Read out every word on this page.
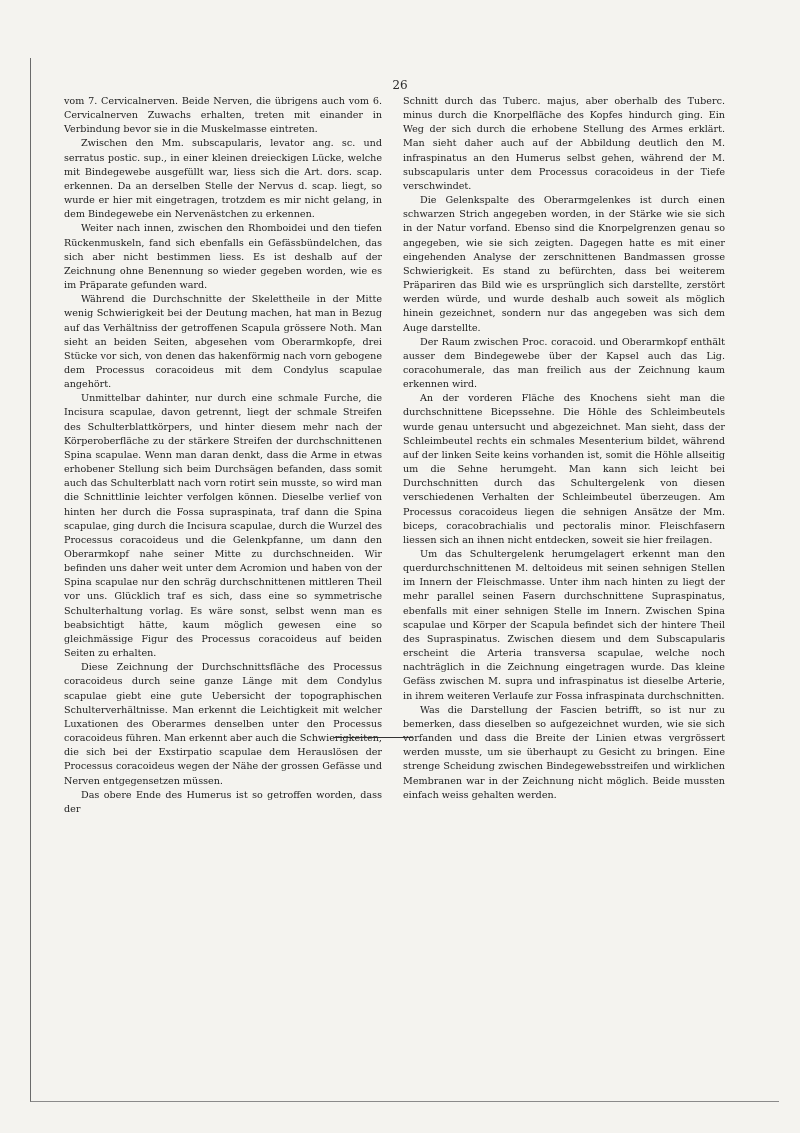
26

vom 7. Cervicalnerven. Beide Nerven, die übrigens auch vom 6. Cervicalnerven Zuwachs erhalten, treten mit einander in Verbindung bevor sie in die Muskelmasse eintreten.

Zwischen den Mm. subscapularis, levator ang. sc. und serratus postic. sup., in einer kleinen dreieckigen Lücke, welche mit Bindegewebe ausgefüllt war, liess sich die Art. dors. scap. erkennen. Da an derselben Stelle der Nervus d. scap. liegt, so wurde er hier mit eingetragen, trotzdem es mir nicht gelang, in dem Bindegewebe ein Nervenästchen zu erkennen.

Weiter nach innen, zwischen den Rhomboidei und den tiefen Rückenmuskeln, fand sich ebenfalls ein Gefässbündelchen, das sich aber nicht bestimmen liess. Es ist deshalb auf der Zeichnung ohne Benennung so wieder gegeben worden, wie es im Präparate gefunden ward.

Während die Durchschnitte der Skelettheile in der Mitte wenig Schwierigkeit bei der Deutung machen, hat man in Bezug auf das Verhältniss der getroffenen Scapula grössere Noth. Man sieht an beiden Seiten, abgesehen vom Oberarmkopfe, drei Stücke vor sich, von denen das hakenförmig nach vorn gebogene dem Processus coracoideus mit dem Condylus scapulae angehört.

Unmittelbar dahinter, nur durch eine schmale Furche, die Incisura scapulae, davon getrennt, liegt der schmale Streifen des Schulterblattkörpers, und hinter diesem mehr nach der Körperoberfläche zu der stärkere Streifen der durchschnittenen Spina scapulae. Wenn man daran denkt, dass die Arme in etwas erhobener Stellung sich beim Durchsägen befanden, dass somit auch das Schulterblatt nach vorn rotirt sein musste, so wird man die Schnittlinie leichter verfolgen können. Dieselbe verlief von hinten her durch die Fossa supraspinata, traf dann die Spina scapulae, ging durch die Incisura scapulae, durch die Wurzel des Processus coracoideus und die Gelenkpfanne, um dann den Oberarmkopf nahe seiner Mitte zu durchschneiden. Wir befinden uns daher weit unter dem Acromion und haben von der Spina scapulae nur den schräg durchschnittenen mittleren Theil vor uns. Glücklich traf es sich, dass eine so symmetrische Schulterhaltung vorlag. Es wäre sonst, selbst wenn man es beabsichtigt hätte, kaum möglich gewesen eine so gleichmässige Figur des Processus coracoideus auf beiden Seiten zu erhalten.

Diese Zeichnung der Durchschnittsfläche des Processus coracoideus durch seine ganze Länge mit dem Condylus scapulae giebt eine gute Uebersicht der topographischen Schulterverhältnisse. Man erkennt die Leichtigkeit mit welcher Luxationen des Oberarmes denselben unter den Processus coracoideus führen. Man erkennt aber auch die Schwierigkeiten, die sich bei der Exstirpatio scapulae dem Herauslösen der Processus coracoideus wegen der Nähe der grossen Gefässe und Nerven entgegensetzen müssen.

Das obere Ende des Humerus ist so getroffen worden, dass der

Schnitt durch das Tuberc. majus, aber oberhalb des Tuberc. minus durch die Knorpelfläche des Kopfes hindurch ging. Ein Weg der sich durch die erhobene Stellung des Armes erklärt. Man sieht daher auch auf der Abbildung deutlich den M. infraspinatus an den Humerus selbst gehen, während der M. subscapularis unter dem Processus coracoideus in der Tiefe verschwindet.

Die Gelenkspalte des Oberarmgelenkes ist durch einen schwarzen Strich angegeben worden, in der Stärke wie sie sich in der Natur vorfand. Ebenso sind die Knorpelgrenzen genau so angegeben, wie sie sich zeigten. Dagegen hatte es mit einer eingehenden Analyse der zerschnittenen Bandmassen grosse Schwierigkeit. Es stand zu befürchten, dass bei weiterem Präpariren das Bild wie es ursprünglich sich darstellte, zerstört werden würde, und wurde deshalb auch soweit als möglich hinein gezeichnet, sondern nur das angegeben was sich dem Auge darstellte.

Der Raum zwischen Proc. coracoid. und Oberarmkopf enthält ausser dem Bindegewebe über der Kapsel auch das Lig. coracohumerale, das man freilich aus der Zeichnung kaum erkennen wird.

An der vorderen Fläche des Knochens sieht man die durchschnittene Bicepssehne. Die Höhle des Schleimbeutels wurde genau untersucht und abgezeichnet. Man sieht, dass der Schleimbeutel rechts ein schmales Mesenterium bildet, während auf der linken Seite keins vorhanden ist, somit die Höhle allseitig um die Sehne herumgeht. Man kann sich leicht bei Durchschnitten durch das Schultergelenk von diesen verschiedenen Verhalten der Schleimbeutel überzeugen. Am Processus coracoideus liegen die sehnigen Ansätze der Mm. biceps, coracobrachialis und pectoralis minor. Fleischfasern liessen sich an ihnen nicht entdecken, soweit sie hier freilagen.

Um das Schultergelenk herumgelagert erkennt man den querdurchschnittenen M. deltoideus mit seinen sehnigen Stellen im Innern der Fleischmasse. Unter ihm nach hinten zu liegt der mehr parallel seinen Fasern durchschnittene Supraspinatus, ebenfalls mit einer sehnigen Stelle im Innern. Zwischen Spina scapulae und Körper der Scapula befindet sich der hintere Theil des Supraspinatus. Zwischen diesem und dem Subscapularis erscheint die Arteria transversa scapulae, welche noch nachträglich in die Zeichnung eingetragen wurde. Das kleine Gefäss zwischen M. supra und infraspinatus ist dieselbe Arterie, in ihrem weiteren Verlaufe zur Fossa infraspinata durchschnitten.

Was die Darstellung der Fascien betrifft, so ist nur zu bemerken, dass dieselben so aufgezeichnet wurden, wie sie sich vorfanden und dass die Breite der Linien etwas vergrössert werden musste, um sie überhaupt zu Gesicht zu bringen. Eine strenge Scheidung zwischen Bindegewebsstreifen und wirklichen Membranen war in der Zeichnung nicht möglich. Beide mussten einfach weiss gehalten werden.
